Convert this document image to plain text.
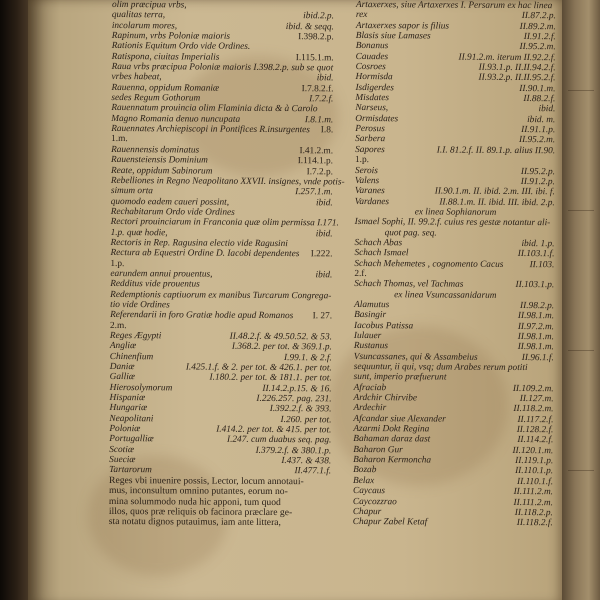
olim præcipua vrbs,
qualitas terra,	ibid.2.p.
incolarum mores,	ibid. & seqq.
Rapinum, vrbs Poloniæ maioris	I.398.2.p.
Rationis Equitum Ordo vide Ordines.
Ratispona, ciuitas Imperialis	I.115.1.m.
Raua vrbs præcipua Poloniæ maioris I.398.2.p. sub se quot
vrbes habeat,	ibid.
Rauenna, oppidum Romaniæ	I.7.8.2.f.
sedes Regum Gothorum	I.7.2.f.
Rauennatum prouincia olim Flaminia dicta & à Carolo
Magno Romania denuo nuncupata	I.8.1.m.
Rauennates Archiepiscopi in Pontifices R.insurgentes I.8.
1.m.
Rauennensis dominatus	I.41.2.m.
Rauensteiensis Dominium	I.114.1.p.
Reate, oppidum Sabinorum	I.7.2.p.
Rebelliones in Regno Neapolitano XXVII. insignes, vnde potis-
simum orta	I.257.1.m.
quomodo eadem caueri possint,	ibid.
Rechabitarum Ordo vide Ordines
Rectori prouinciarum in Franconia quæ olim permissa I.171.
1.p. quæ hodie,	ibid.
Rectoris in Rep. Ragusina electio vide Ragusini
Rectura ab Equestri Ordine D. Iacobi dependentes I.222.
1.p.
earundem annui prouentus,	ibid.
Redditus vide prouentus
Redemptionis captiuorum ex manibus Turcarum Congrega-
tio vide Ordines
Referendarii in foro Gratiæ hodie apud Romanos I. 27.
2.m.
Reges Ægypti	II.48.2.f. & 49.50.52. & 53.
Angliæ	I.368.2. per tot. & 369.1.p.
Chinenfium	I.99.1. & 2.f.
Daniæ	I.425.1.f. & 2. per tot. & 426.1. per tot.
Galliæ	I.180.2. per tot. & 181.1. per tot.
Hierosolymorum	II.14.2.p.15. & 16.
Hispaniæ	I.226.257. pag. 231.
Hungariæ	I.392.2.f. & 393.
Neapolitani	I.260. per tot.
Poloniæ	I.414.2. per tot. & 415. per tot.
Portugalliæ	I.247. cum duabus seq. pag.
Scotiæ	I.379.2.f. & 380.1.p.
Sueciæ	I.437. & 438.
Tartarorum	II.477.1.f.
Reges vbi inuenire possis, Lector, locum annotaui-
mus, inconsultum omnino putantes, eorum no-
mina solummodo nuda hic apponi, tum quod
illos, quos præ reliquis ob facinora præclare ge-
sta notatu dignos putauimus, iam ante littera,
Artaxerxes, siue Artaxerxes I. Persarum ex hac linea
rex	II.87.2.p.
Artaxerxes sapor is filius	II.89.2.m.
Blasis siue Lamases	II.91.2.f.
Bonanus	II.95.2.m.
Cauades	II.91.2.m. iterum II.92.2.f.
Cosroes	II.93.1.p. II.II.94.2.f.
Hormisda	II.93.2.p. II.II.95.2.f.
Isdigerdes	II.90.1.m.
Misdates	II.88.2.f.
Narseus,	ibid.
Ormisdates	ibid. m.
Perosus	II.91.1.p.
Sarbera	II.95.2.m.
Sapores	I.I. 81.2.f. II. 89.1.p. alius II.90.
1.p.
Serois	II.95.2.p.
Valens	II.91.2.p.
Varanes	II.90.1.m. II. ibid. 2.m. III. ibi. f.
Vardanes	II.88.1.m. II. ibid. III. ibid. 2.p.
ex linea Sophianorum
Ismael Sophi, II. 99.2.f. cuius res gestæ notantur ali-
quot pag. seq.
Schach Abas	ibid. 1.p.
Schach Ismael	II.103.1.f.
Schach Mehemetes , cognomento Cacus	II.103.
2.f.
Schach Thomas, vel Tachmas	II.103.1.p.
ex linea Vsuncassanidarum
Alamutus	II.98.2.p.
Basingir	II.98.1.m.
Iacobus Patissa	II.97.2.m.
Iulauer	II.98.1.m.
Rustanus	II.98.1.m.
Vsuncassanes, qui & Assambeius	II.96.1.f.
sequuntur, ii qui, vsq; dum Arabes rerum potiti
sunt, imperio præfuerunt
Afraciab	II.109.2.m.
Ardchir Chirvibe	II.127.m.
Ardechir	II.118.2.m.
Afcandar siue Alexander	II.117.2.f.
Azarmi Dokt Regina	II.128.2.f.
Bahaman daraz dast	II.114.2.f.
Baharon Gur	II.120.1.m.
Baharon Kermoncha	II.119.1.p.
Bozab	II.110.1.p.
Belax	II.110.1.f.
Caycaus	II.111.2.m.
Caycozzrao	II.111.2.m.
Chapur	II.118.2.p.
Chapur Zabel Ketaf	II.118.2.f.
